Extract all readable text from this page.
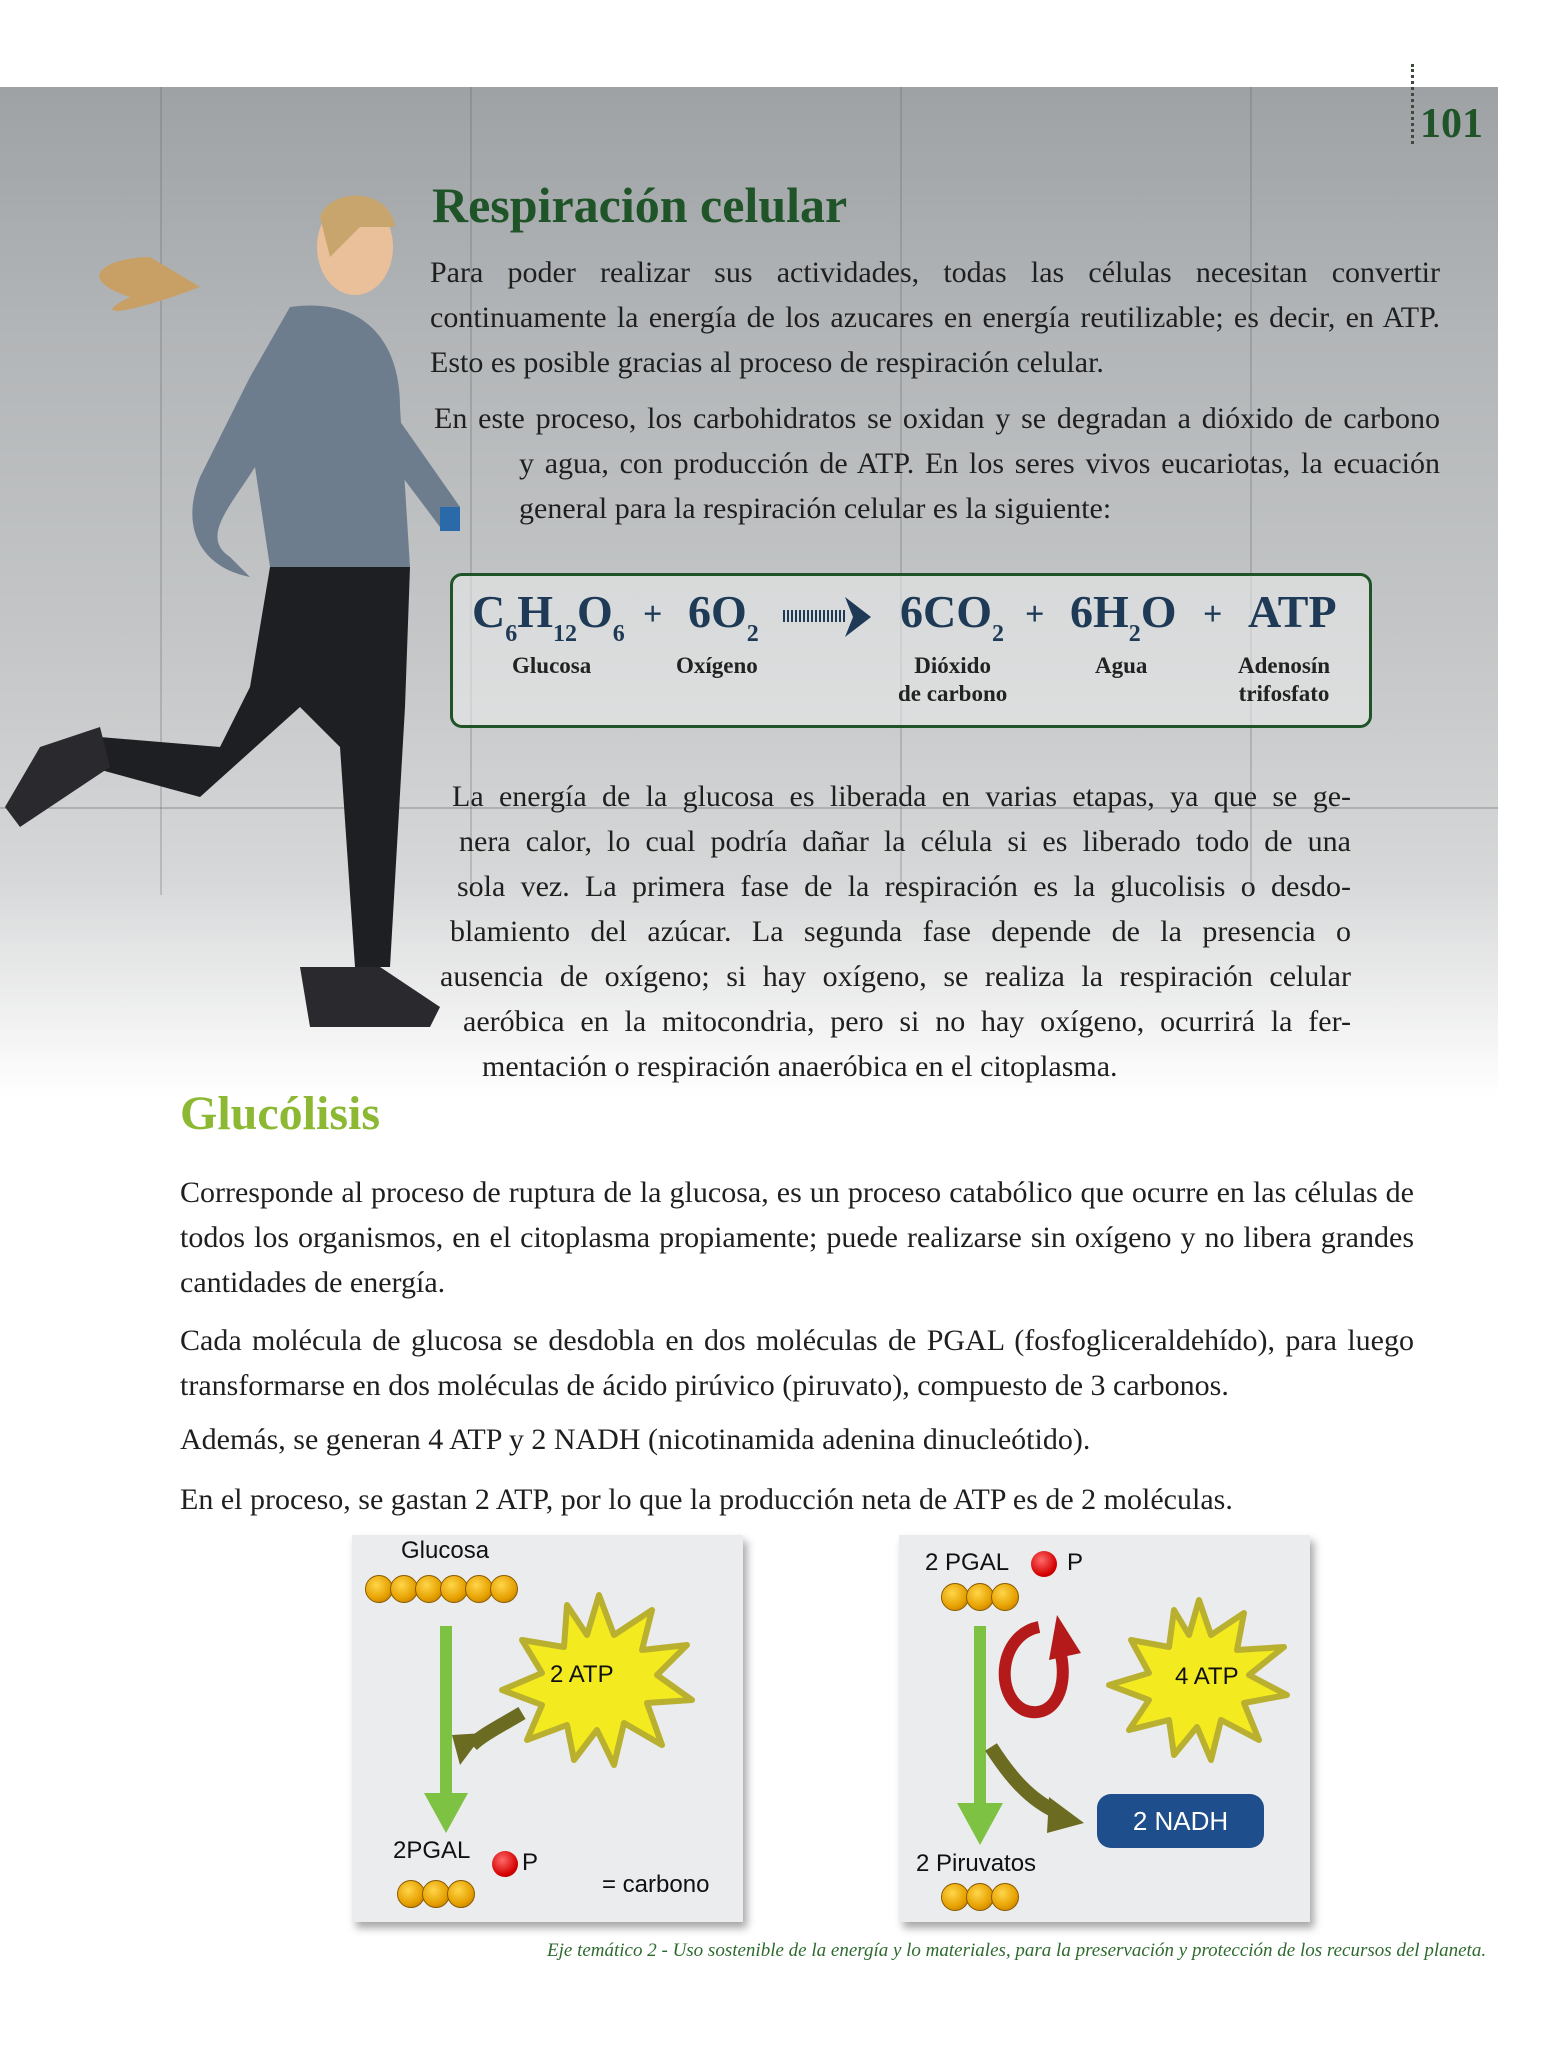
101
Respiración celular
Para poder realizar sus actividades, todas las células necesitan convertir continuamente la energía de los azucares en energía reutilizable; es decir, en ATP. Esto es posible gracias al proceso de respiración celular.
En este proceso, los carbohidratos se oxidan y se degradan a dióxido de carbono
y agua, con producción de ATP. En los seres vivos eucariotas, la ecuación
general para la respiración celular es la siguiente:
$C_6H_{12}O_6$
+ $6O_2$	$6CO_2$
+ $6H_2O$ + ATP
Glucosa	Oxígeno	Dióxido
de carbono
Agua	Adenosín
trifosfato
La energía de la glucosa es liberada en varias etapas, ya que se ge-
nera calor, lo cual podría dañar la célula si es liberado todo de una
sola vez. La primera fase de la respiración es la glucolisis o desdo-
blamiento del azúcar. La segunda fase depende de la presencia o
ausencia de oxígeno; si hay oxígeno, se realiza la respiración celular
aeróbica en la mitocondria, pero si no hay oxígeno, ocurrirá la fer-
mentación o respiración anaeróbica en el citoplasma.
Glucólisis
Corresponde al proceso de ruptura de la glucosa, es un proceso catabólico que ocurre en las células de todos los organismos, en el citoplasma propiamente; puede realizarse sin oxígeno y no libera grandes cantidades de energía.
Cada molécula de glucosa se desdobla en dos moléculas de PGAL (fosfogliceraldehído), para luego transformarse en dos moléculas de ácido pirúvico (piruvato), compuesto de 3 carbonos.
Además, se generan 4 ATP y 2 NADH (nicotinamida adenina dinucleótido).
En el proceso, se gastan 2 ATP, por lo que la producción neta de ATP es de 2 moléculas.
Glucosa
2 ATP
2PGAL P
= carbono
2 PGAL P
4 ATP
2 NADH
2 Piruvatos
Eje temático 2 - Uso sostenible de la energía y lo materiales, para la preservación y protección de los recursos del planeta.
